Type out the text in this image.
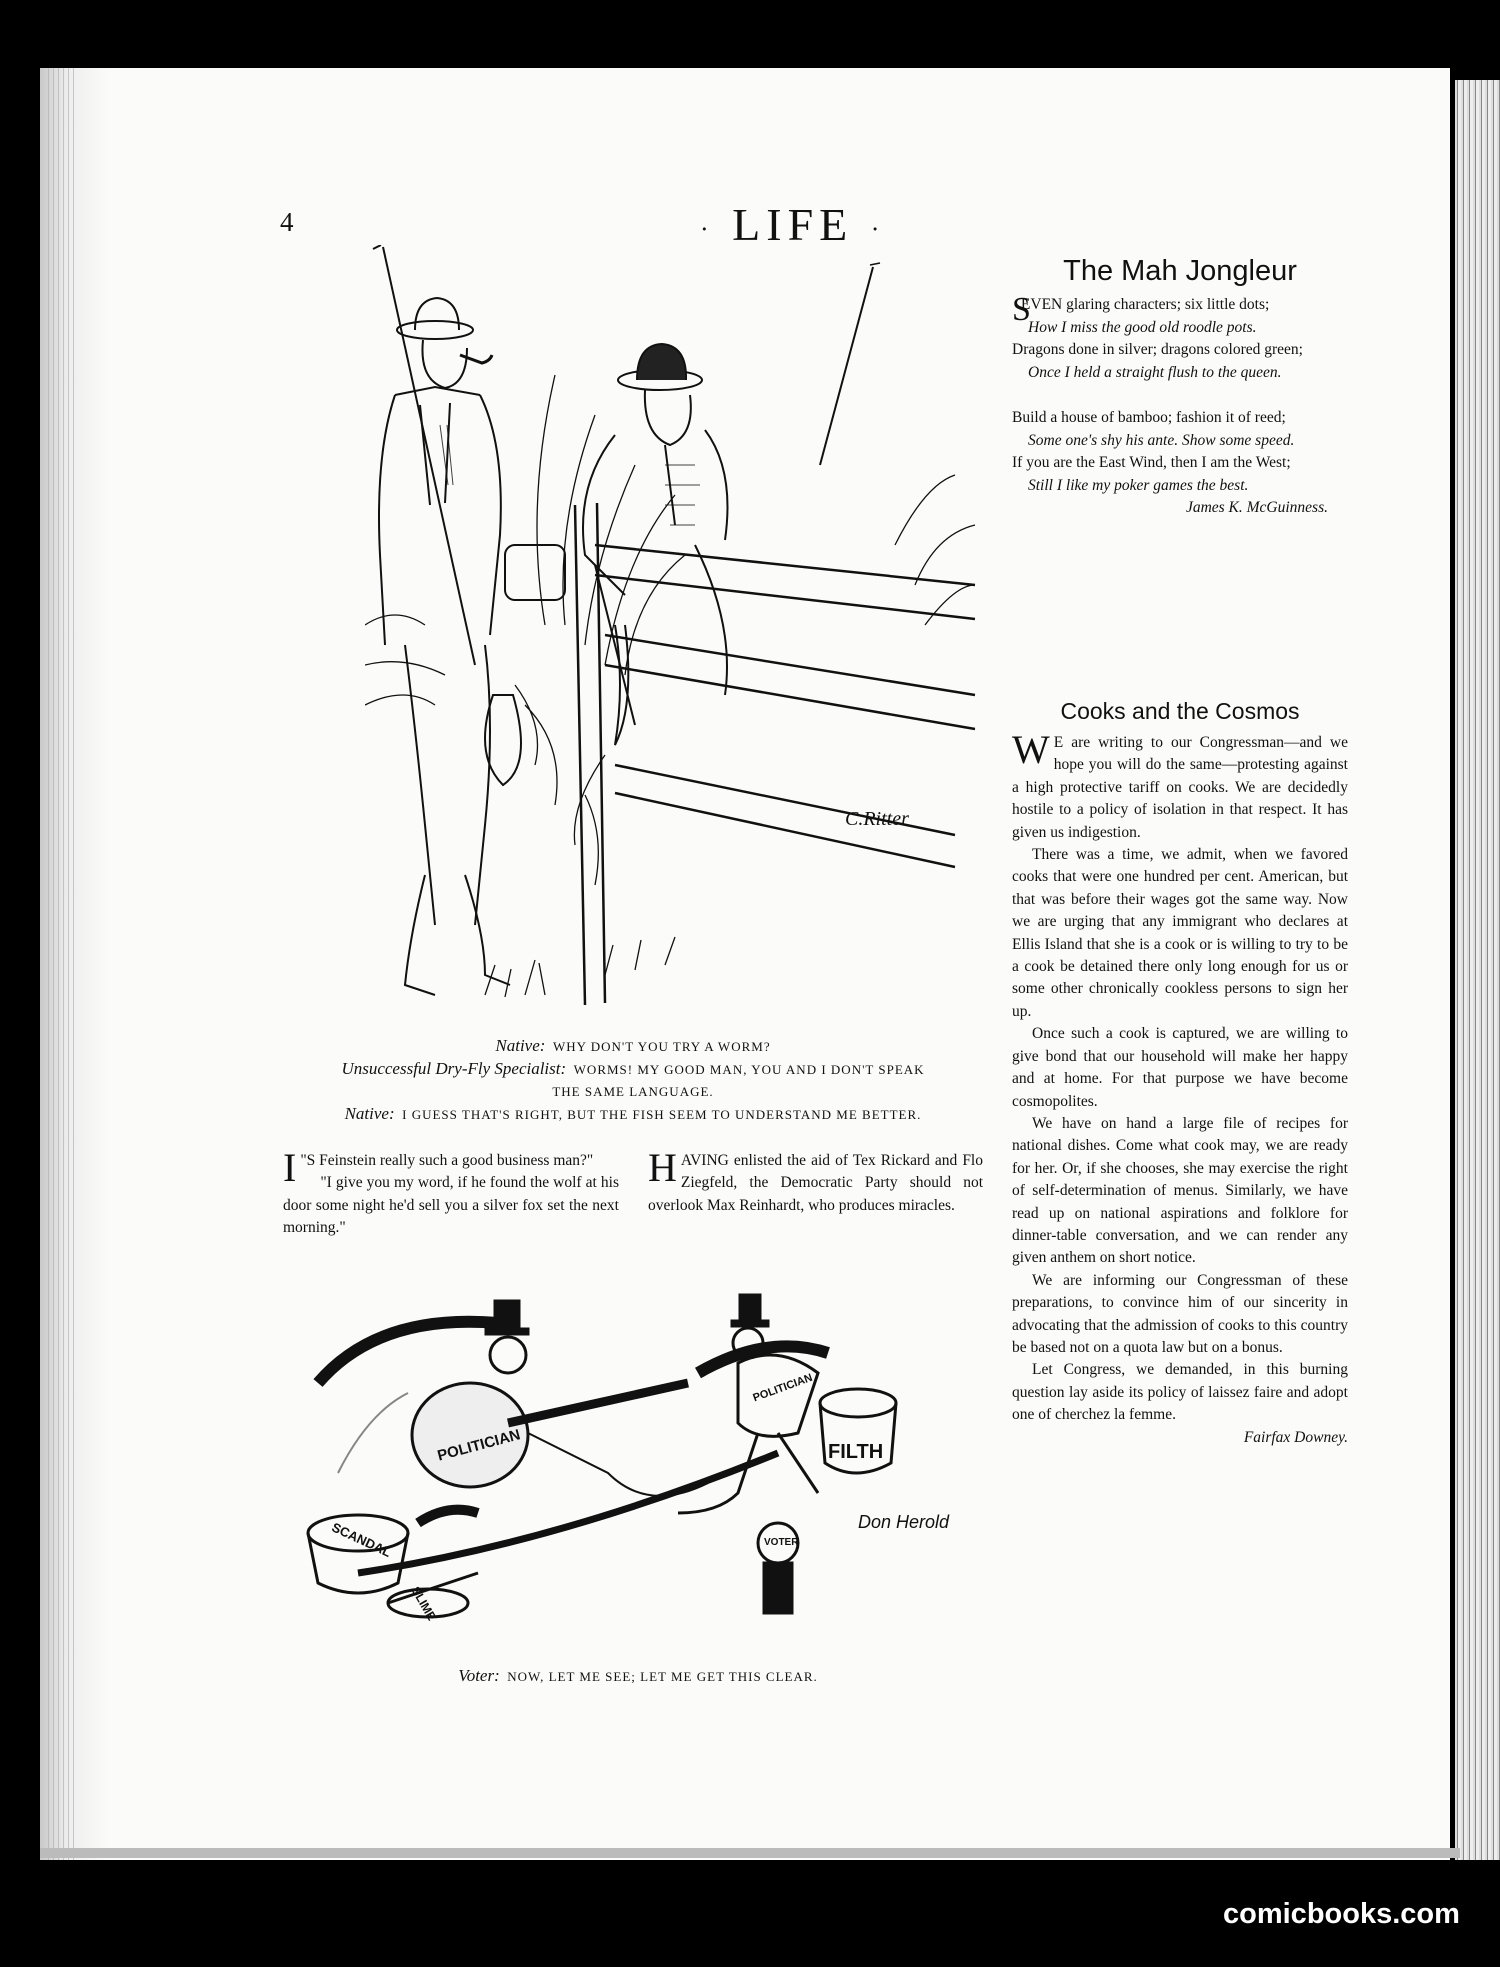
4	· LIFE ·
C.Ritter
Native: WHY DON'T YOU TRY A WORM?
Unsuccessful Dry-Fly Specialist: WORMS! MY GOOD MAN, YOU AND I DON'T SPEAK
THE SAME LANGUAGE.
Native: I GUESS THAT'S RIGHT, BUT THE FISH SEEM TO UNDERSTAND ME BETTER.

"
I S Feinstein really such a good business man?"

"I give you my word, if he found the wolf at his door some night he'd sell you a silver fox set the next morning."

HAVING enlisted the aid of Tex Rickard and Flo Ziegfeld, the Democratic Party should not overlook Max Reinhardt, who produces miracles.

POLITICIAN
POLITICIAN
FILTH
SCANDAL
SLIME
VOTER
Don Herold
Voter: NOW, LET ME SEE; LET ME GET THIS CLEAR.
The Mah Jongleur
S
EVEN glaring characters; six little dots;
How I miss the good old roodle pots.
Dragons done in silver; dragons colored green;
Once I held a straight flush to the queen.
Build a house of bamboo; fashion it of reed;
Some one's shy his ante. Show some speed.
If you are the East Wind, then I am the West;
Still I like my poker games the best.
James K. McGuinness.
Cooks and the Cosmos

W E are writing to our Congressman—and we hope you will do the same—protesting against a high protective tariff on cooks. We are decidedly hostile to a policy of isolation in that respect. It has given us indigestion.

There was a time, we admit, when we favored cooks that were one hundred per cent. American, but that was before their wages got the same way. Now we are urging that any immigrant who declares at Ellis Island that she is a cook or is willing to try to be a cook be detained there only long enough for us or some other chronically cookless persons to sign her up.

Once such a cook is captured, we are willing to give bond that our household will make her happy and at home. For that purpose we have become cosmopolites.

We have on hand a large file of recipes for national dishes. Come what cook may, we are ready for her. Or, if she chooses, she may exercise the right of self-determination of menus. Similarly, we have read up on national aspirations and folklore for dinner-table conversation, and we can render any given anthem on short notice.

We are informing our Congressman of these preparations, to convince him of our sincerity in advocating that the admission of cooks to this country be based not on a quota law but on a bonus.

Let Congress, we demanded, in this burning question lay aside its policy of laissez faire and adopt one of cherchez la femme.

Fairfax Downey.
comicbooks.com
